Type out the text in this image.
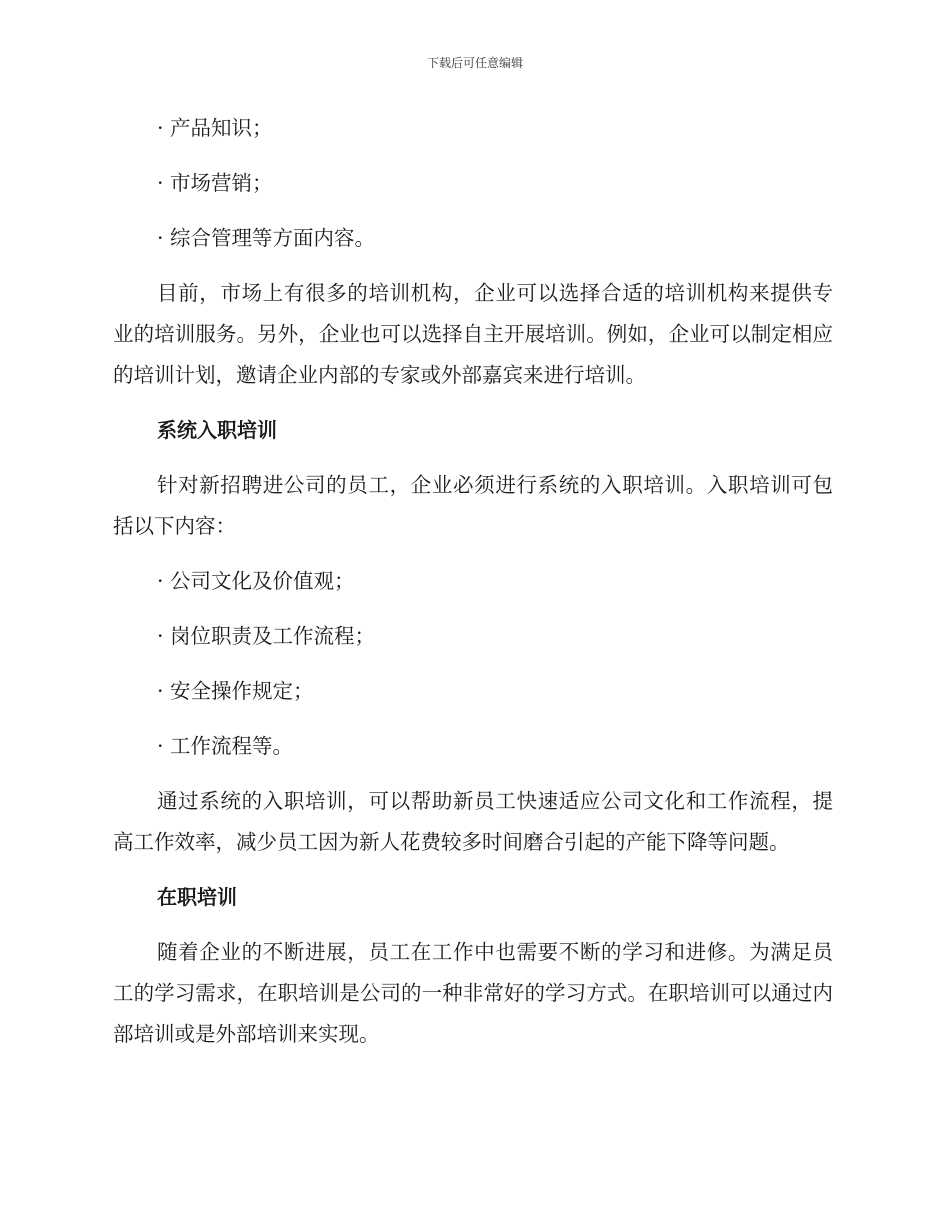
下载后可任意编辑

· 产品知识；

· 市场营销；

· 综合管理等方面内容。

目前，市场上有很多的培训机构，企业可以选择合适的培训机构来提供专业的培训服务。另外，企业也可以选择自主开展培训。例如，企业可以制定相应的培训计划，邀请企业内部的专家或外部嘉宾来进行培训。

系统入职培训

针对新招聘进公司的员工，企业必须进行系统的入职培训。入职培训可包括以下内容：

· 公司文化及价值观；

· 岗位职责及工作流程；

· 安全操作规定；

· 工作流程等。

通过系统的入职培训，可以帮助新员工快速适应公司文化和工作流程，提高工作效率，减少员工因为新人花费较多时间磨合引起的产能下降等问题。

在职培训

随着企业的不断进展，员工在工作中也需要不断的学习和进修。为满足员工的学习需求，在职培训是公司的一种非常好的学习方式。在职培训可以通过内部培训或是外部培训来实现。
